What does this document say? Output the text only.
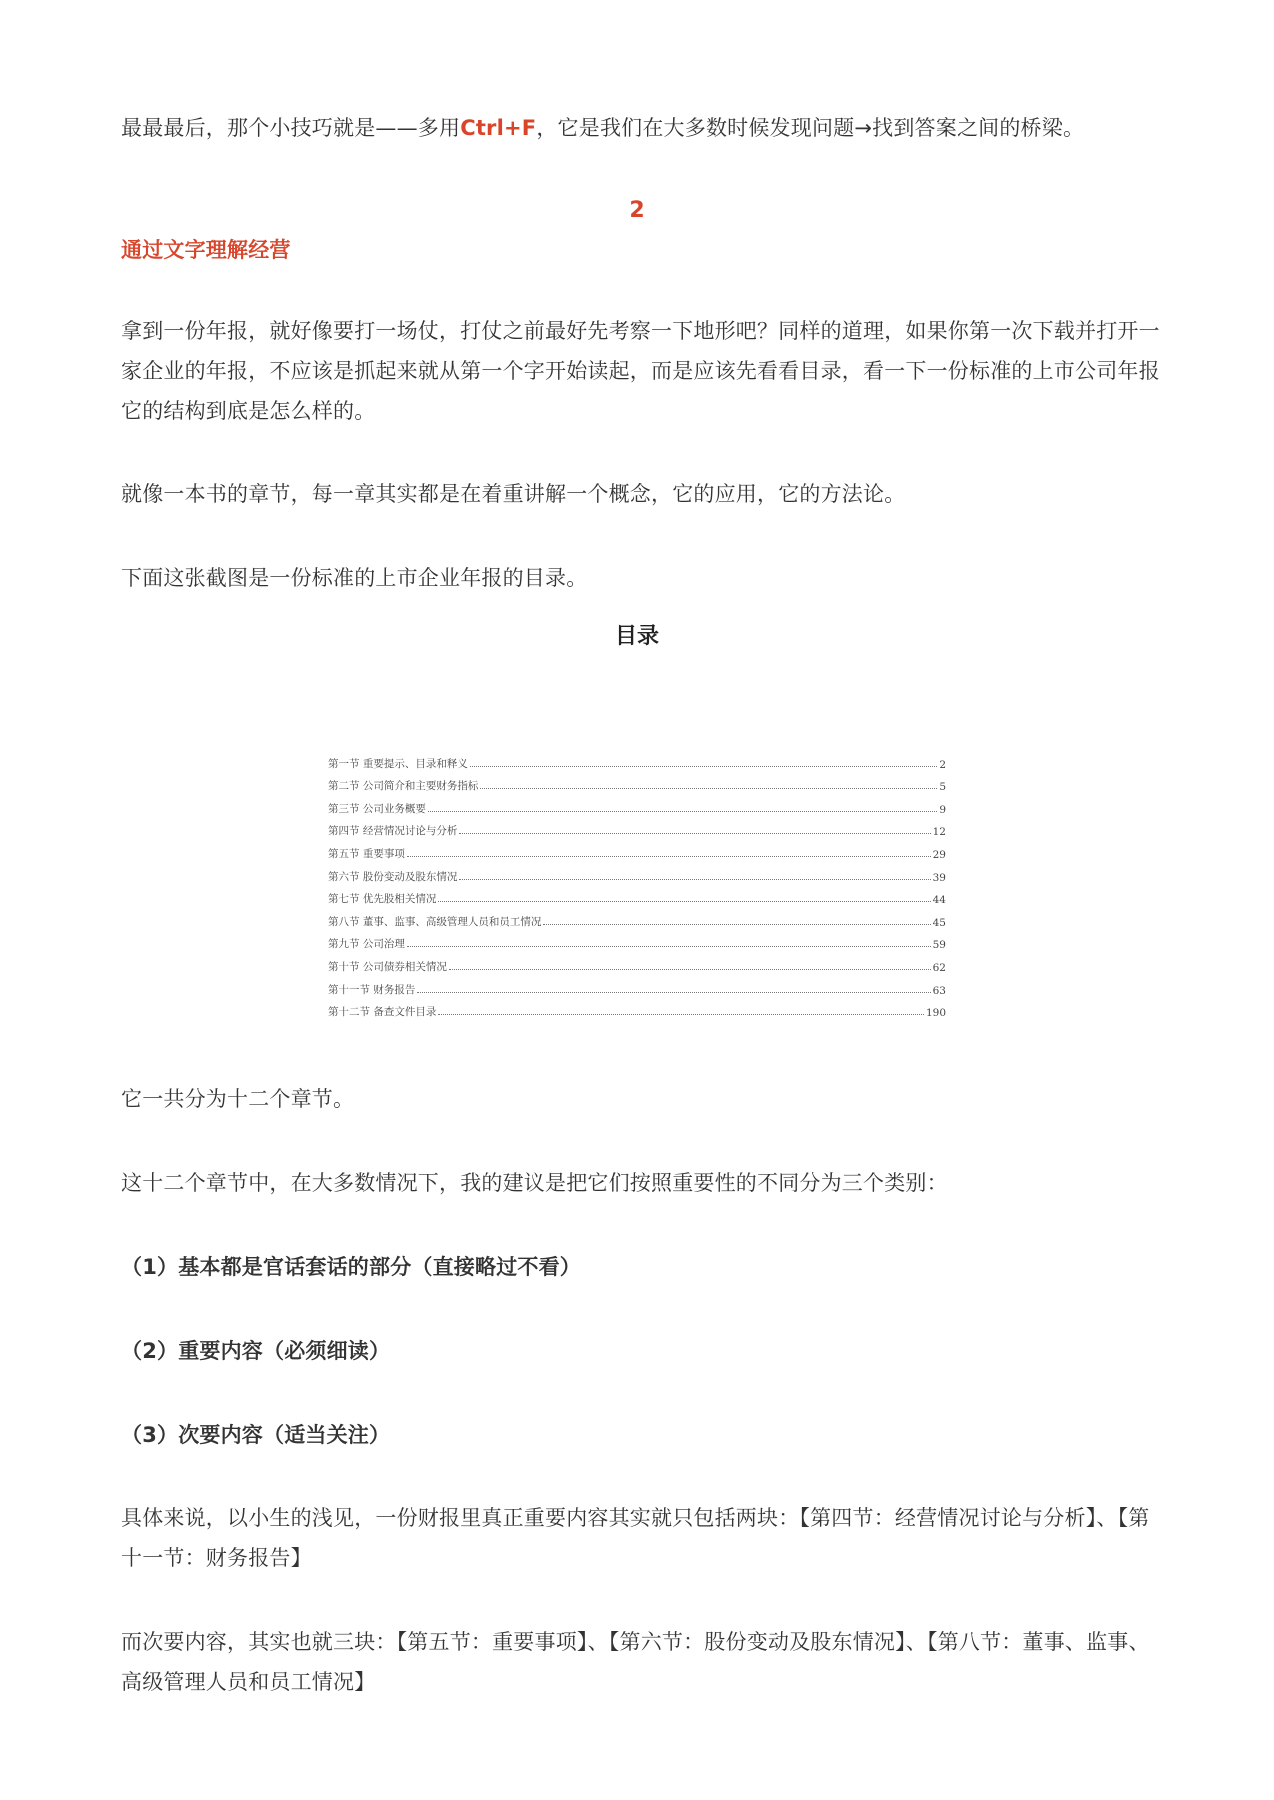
最最最后，那个小技巧就是——多用Ctrl+F，它是我们在大多数时候发现问题→找到答案之间的桥梁。

2

通过文字理解经营

拿到一份年报，就好像要打一场仗，打仗之前最好先考察一下地形吧？同样的道理，如果你第一次下载并打开一家企业的年报，不应该是抓起来就从第一个字开始读起，而是应该先看看目录，看一下一份标准的上市公司年报它的结构到底是怎么样的。

就像一本书的章节，每一章其实都是在着重讲解一个概念，它的应用，它的方法论。

下面这张截图是一份标准的上市企业年报的目录。

目录
第一节 重要提示、目录和释义	2
第二节 公司简介和主要财务指标	5
第三节 公司业务概要	9
第四节 经营情况讨论与分析	12
第五节 重要事项	29
第六节 股份变动及股东情况	39
第七节 优先股相关情况	44
第八节 董事、监事、高级管理人员和员工情况	45
第九节 公司治理	59
第十节 公司债券相关情况	62
第十一节 财务报告	63
第十二节 备查文件目录	190

它一共分为十二个章节。

这十二个章节中，在大多数情况下，我的建议是把它们按照重要性的不同分为三个类别：

（1）基本都是官话套话的部分（直接略过不看）

（2）重要内容（必须细读）

（3）次要内容（适当关注）

具体来说，以小生的浅见，一份财报里真正重要内容其实就只包括两块：【第四节：经营情况讨论与分析】、【第十一节：财务报告】

而次要内容，其实也就三块：【第五节：重要事项】、【第六节：股份变动及股东情况】、【第八节：董事、监事、高级管理人员和员工情况】
